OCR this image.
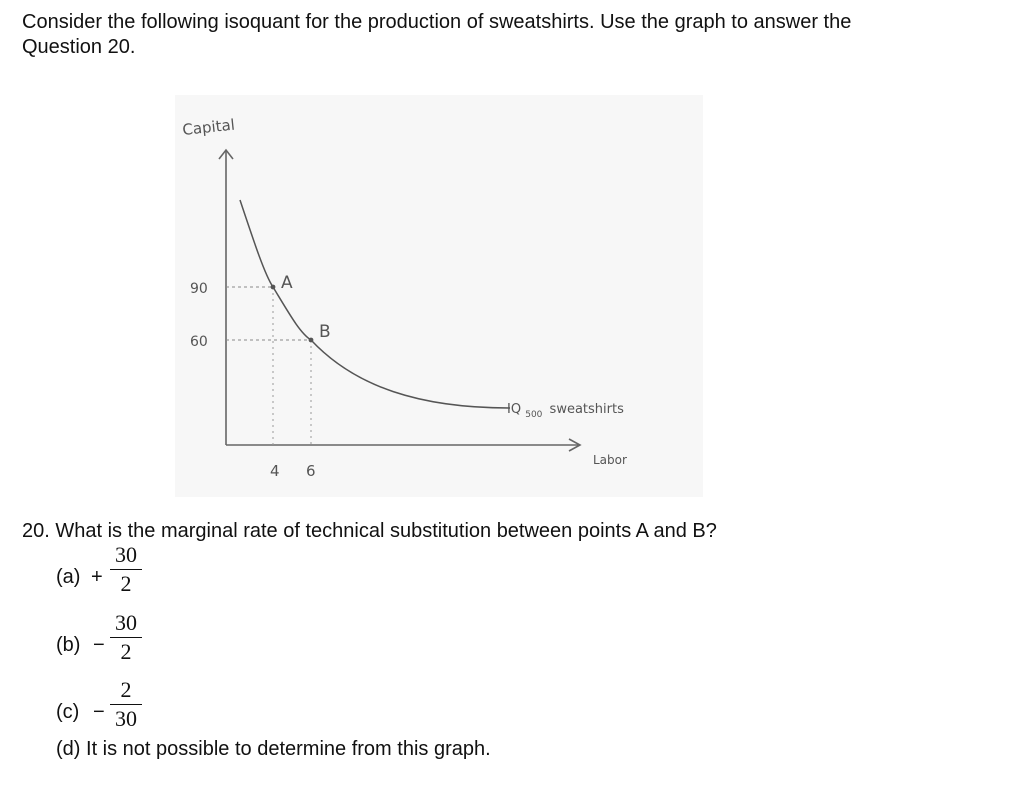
Consider the following isoquant for the production of sweatshirts. Use the graph to answer the
Question 20.
Capital
90
60
A
B
4 6
IQ $_{500}$ sweatshirts
Labor
20. What is the marginal rate of technical substitution between points A and B?
(a) +
30
2
(b) −
30
2
(c) −
2
30
(d) It is not possible to determine from this graph.
